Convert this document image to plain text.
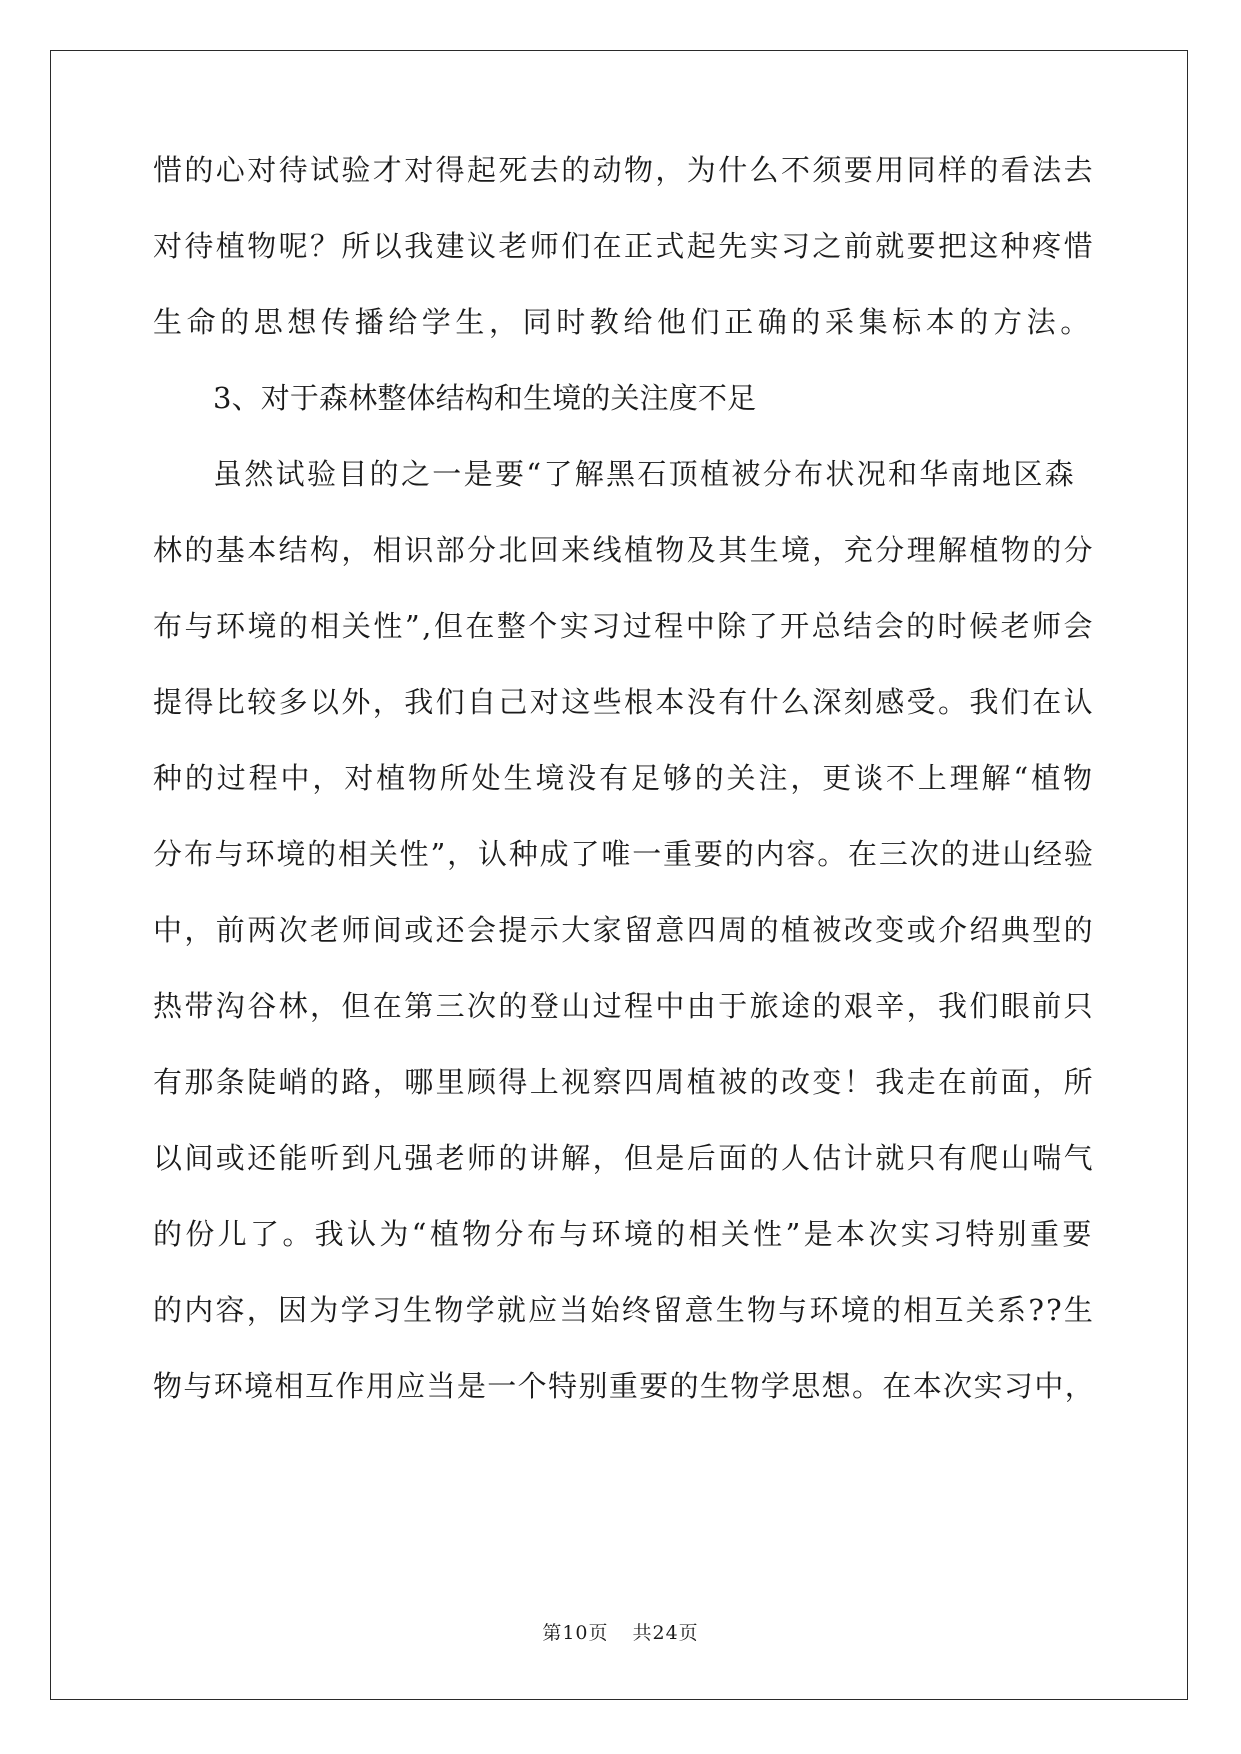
惜的心对待试验才对得起死去的动物，为什么不须要用同样的看法去
对待植物呢？所以我建议老师们在正式起先实习之前就要把这种疼惜
生命的思想传播给学生，同时教给他们正确的采集标本的方法。
3、对于森林整体结构和生境的关注度不足
虽然试验目的之一是要“了解黑石顶植被分布状况和华南地区森
林的基本结构，相识部分北回来线植物及其生境，充分理解植物的分
布与环境的相关性”,但在整个实习过程中除了开总结会的时候老师会
提得比较多以外，我们自己对这些根本没有什么深刻感受。我们在认
种的过程中，对植物所处生境没有足够的关注，更谈不上理解“植物
分布与环境的相关性”，认种成了唯一重要的内容。在三次的进山经验
中，前两次老师间或还会提示大家留意四周的植被改变或介绍典型的
热带沟谷林，但在第三次的登山过程中由于旅途的艰辛，我们眼前只
有那条陡峭的路，哪里顾得上视察四周植被的改变！我走在前面，所
以间或还能听到凡强老师的讲解，但是后面的人估计就只有爬山喘气
的份儿了。我认为“植物分布与环境的相关性”是本次实习特别重要
的内容，因为学习生物学就应当始终留意生物与环境的相互关系??生
物与环境相互作用应当是一个特别重要的生物学思想。在本次实习中，
第10页 共24页
